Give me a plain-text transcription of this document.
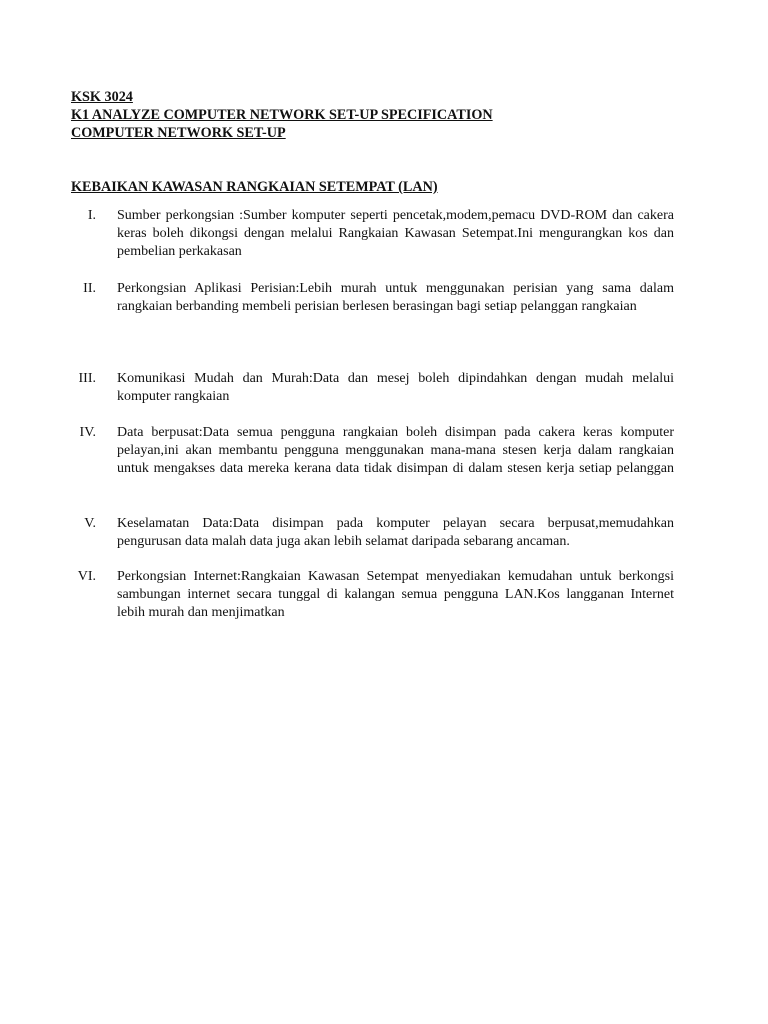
KSK 3024
K1 ANALYZE COMPUTER NETWORK SET-UP SPECIFICATION
COMPUTER NETWORK SET-UP
KEBAIKAN KAWASAN RANGKAIAN SETEMPAT (LAN)
I. Sumber perkongsian :Sumber komputer seperti pencetak,modem,pemacu DVD-ROM dan cakera keras boleh dikongsi dengan melalui Rangkaian Kawasan Setempat.Ini mengurangkan kos dan pembelian perkakasan
II. Perkongsian Aplikasi Perisian:Lebih murah untuk menggunakan perisian yang sama dalam rangkaian berbanding membeli perisian berlesen berasingan bagi setiap pelanggan rangkaian
III. Komunikasi Mudah dan Murah:Data dan mesej boleh dipindahkan dengan mudah melalui komputer rangkaian
IV. Data berpusat:Data semua pengguna rangkaian boleh disimpan pada cakera keras komputer pelayan,ini akan membantu pengguna menggunakan mana-mana stesen kerja dalam rangkaian untuk mengakses data mereka kerana data tidak disimpan di dalam stesen kerja setiap pelanggan
V. Keselamatan Data:Data disimpan pada komputer pelayan secara berpusat,memudahkan pengurusan data malah data juga akan lebih selamat daripada sebarang ancaman.
VI. Perkongsian Internet:Rangkaian Kawasan Setempat menyediakan kemudahan untuk berkongsi sambungan internet secara tunggal di kalangan semua pengguna LAN.Kos langganan Internet lebih murah dan menjimatkan
